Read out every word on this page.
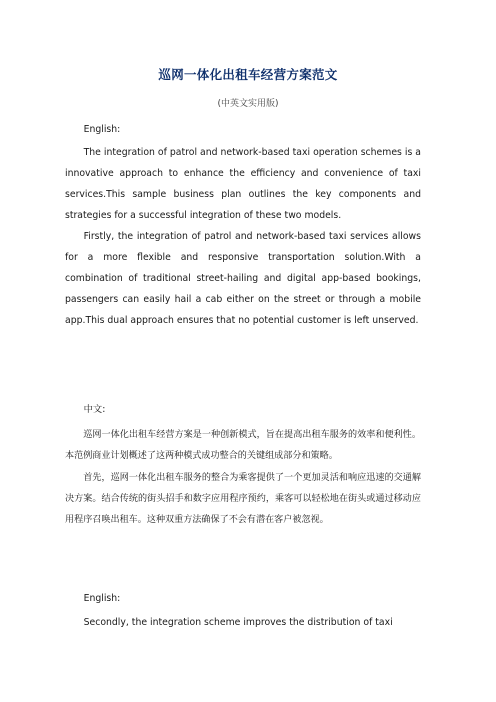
巡网一体化出租车经营方案范文
(中英文实用版)
English:
The integration of patrol and network-based taxi operation schemes is a innovative approach to enhance the efficiency and convenience of taxi services.This sample business plan outlines the key components and strategies for a successful integration of these two models.
Firstly, the integration of patrol and network-based taxi services allows for a more flexible and responsive transportation solution.With a combination of traditional street-hailing and digital app-based bookings, passengers can easily hail a cab either on the street or through a mobile app.This dual approach ensures that no potential customer is left unserved.
中文:
巡网一体化出租车经营方案是一种创新模式，旨在提高出租车服务的效率和便利性。本范例商业计划概述了这两种模式成功整合的关键组成部分和策略。
首先，巡网一体化出租车服务的整合为乘客提供了一个更加灵活和响应迅速的交通解决方案。结合传统的街头招手和数字应用程序预约，乘客可以轻松地在街头或通过移动应用程序召唤出租车。这种双重方法确保了不会有潜在客户被忽视。
English:
Secondly, the integration scheme improves the distribution of taxi
